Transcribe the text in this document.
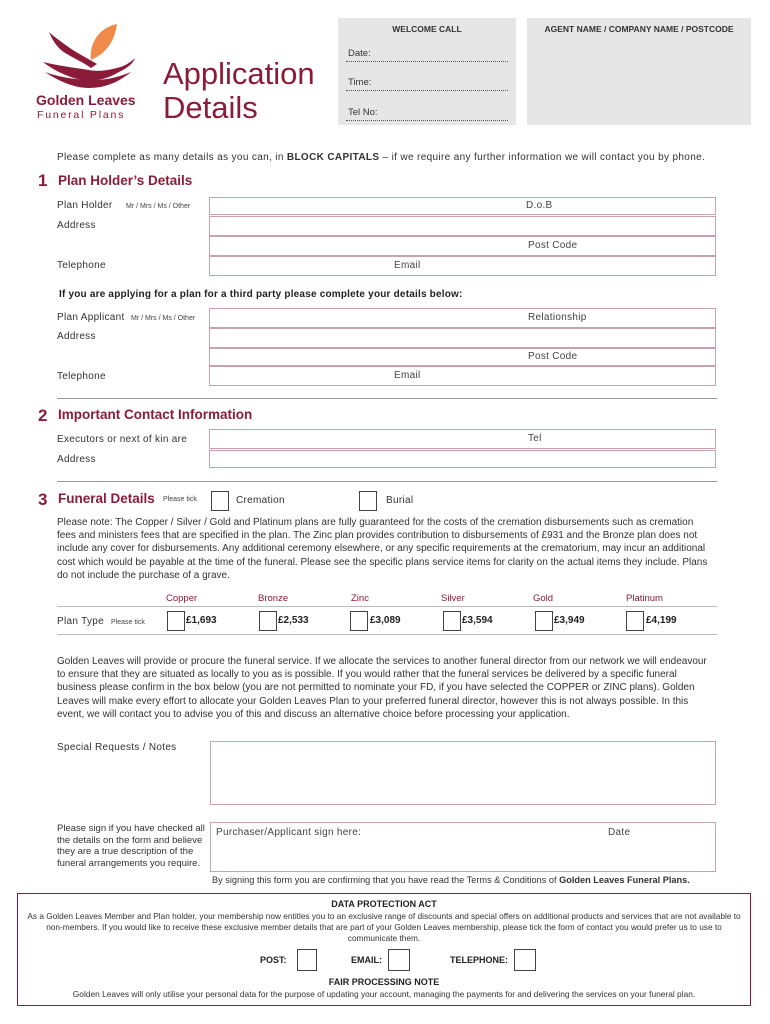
Golden Leaves
Funeral Plans
Application
Details
WELCOME CALL
Date:
Time:
Tel No:
AGENT NAME / COMPANY NAME / POSTCODE
Please complete as many details as you can, in BLOCK CAPITALS – if we require any further information we will contact you by phone.
1 Plan Holder’s Details
Plan Holder Mr / Mrs / Ms / Other	D.o.B
Address
Post Code
Telephone	Email
If you are applying for a plan for a third party please complete your details below:
Plan Applicant Mr / Mrs / Ms / Other	Relationship
Address
Post Code
Telephone	Email
2 Important Contact Information
Executors or next of kin are	Tel
Address
3 Funeral Details Please tick	Cremation	Burial
Please note: The Copper / Silver / Gold and Platinum plans are fully guaranteed for the costs of the cremation disbursements such as cremation fees and ministers fees that are specified in the plan. The Zinc plan provides contribution to disbursements of £931 and the Bronze plan does not include any cover for disbursements. Any additional ceremony elsewhere, or any specific requirements at the crematorium, may incur an additional cost which would be payable at the time of the funeral. Please see the specific plans service items for clarity on the actual items they include. Plans do not include the purchase of a grave.
Copper	Bronze	Zinc	Silver	Gold	Platinum
Plan Type Please tick	£1,693	£2,533	£3,089	£3,594	£3,949	£4,199
Golden Leaves will provide or procure the funeral service. If we allocate the services to another funeral director from our network we will endeavour to ensure that they are situated as locally to you as is possible. If you would rather that the funeral services be delivered by a specific funeral business please confirm in the box below (you are not permitted to nominate your FD, if you have selected the COPPER or ZINC plans). Golden Leaves will make every effort to allocate your Golden Leaves Plan to your preferred funeral director, however this is not always possible. In this event, we will contact you to advise you of this and discuss an alternative choice before processing your application.
Special Requests / Notes
Please sign if you have checked all the details on the form and believe they are a true description of the funeral arrangements you require.
Purchaser/Applicant sign here:	Date
By signing this form you are confirming that you have read the Terms & Conditions of Golden Leaves Funeral Plans.
DATA PROTECTION ACT
As a Golden Leaves Member and Plan holder, your membership now entitles you to an exclusive range of discounts and special offers on additional products and services that are not available to non-members. If you would like to receive these exclusive member details that are part of your Golden Leaves membership, please tick the form of contact you would prefer us to use to communicate them.
POST:	EMAIL:	TELEPHONE:
FAIR PROCESSING NOTE
Golden Leaves will only utilise your personal data for the purpose of updating your account, managing the payments for and delivering the services on your funeral plan.
